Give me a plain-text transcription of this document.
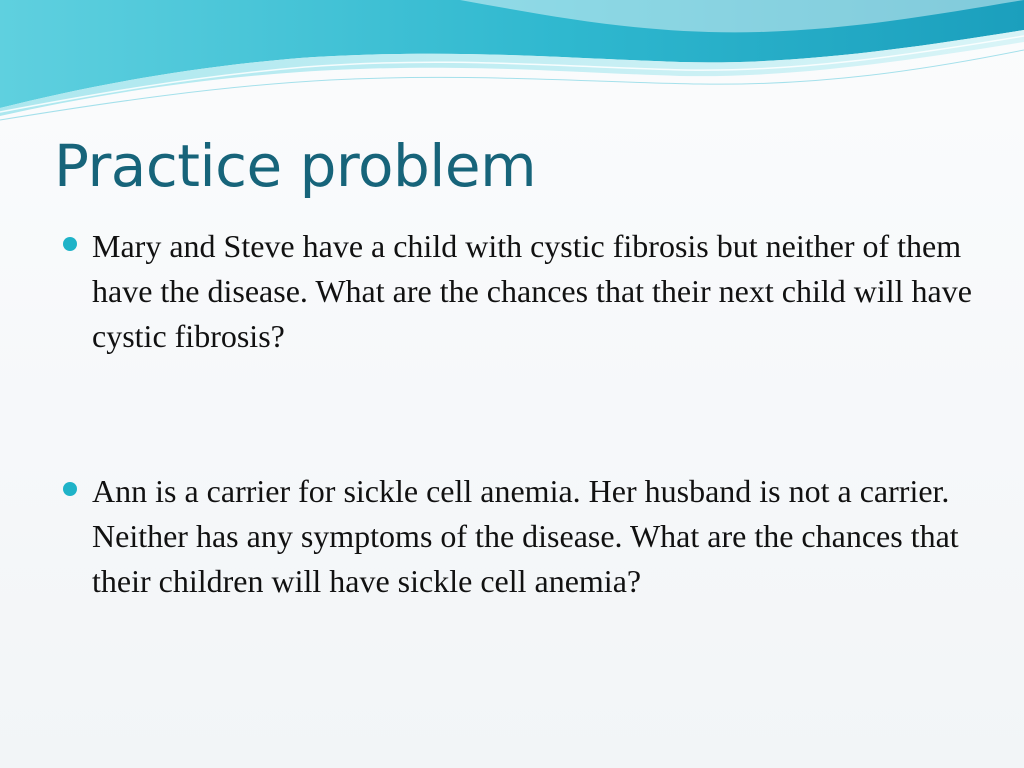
Practice problem
Mary and Steve have a child with cystic fibrosis but neither of them have the disease. What are the chances that their next child will have cystic fibrosis?
Ann is a carrier for sickle cell anemia. Her husband is not a carrier. Neither has any symptoms of the disease. What are the chances that their children will have sickle cell anemia?
